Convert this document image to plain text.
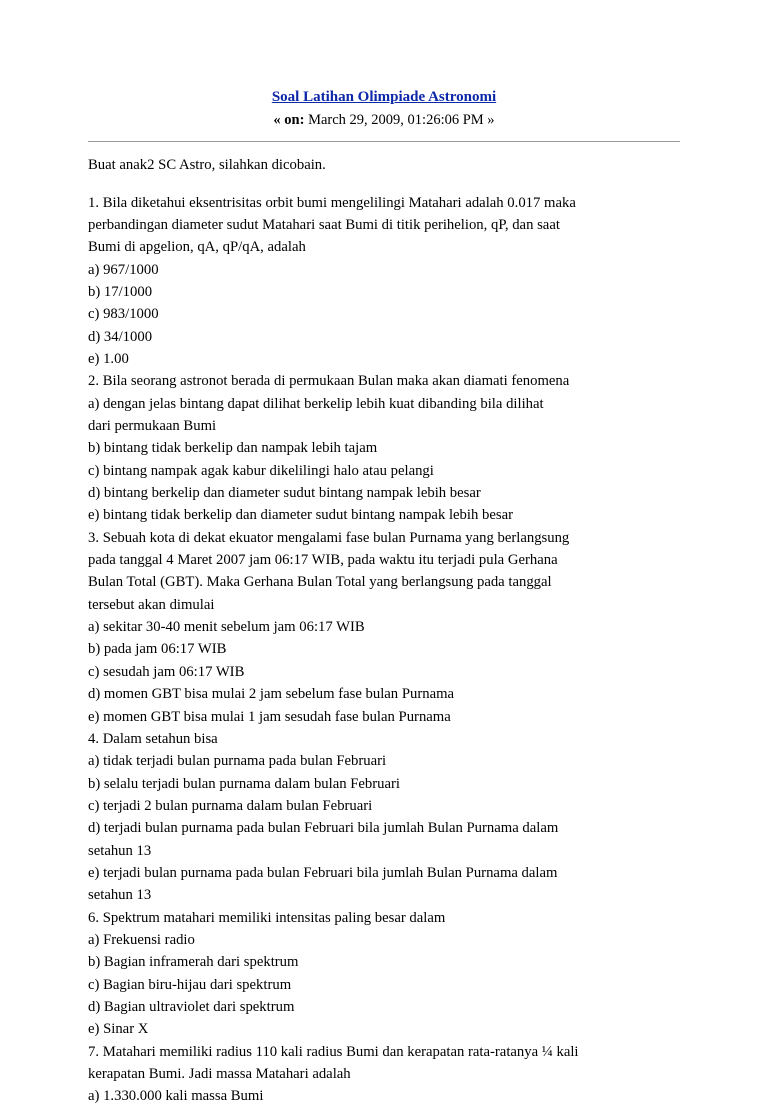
Soal Latihan Olimpiade Astronomi
« on: March 29, 2009, 01:26:06 PM »
Buat anak2 SC Astro, silahkan dicobain.
1. Bila diketahui eksentrisitas orbit bumi mengelilingi Matahari adalah 0.017 maka
perbandingan diameter sudut Matahari saat Bumi di titik perihelion, qP, dan saat
Bumi di apgelion, qA, qP/qA, adalah
a) 967/1000
b) 17/1000
c) 983/1000
d) 34/1000
e) 1.00
2. Bila seorang astronot berada di permukaan Bulan maka akan diamati fenomena
a) dengan jelas bintang dapat dilihat berkelip lebih kuat dibanding bila dilihat
dari permukaan Bumi
b) bintang tidak berkelip dan nampak lebih tajam
c) bintang nampak agak kabur dikelilingi halo atau pelangi
d) bintang berkelip dan diameter sudut bintang nampak lebih besar
e) bintang tidak berkelip dan diameter sudut bintang nampak lebih besar
3. Sebuah kota di dekat ekuator mengalami fase bulan Purnama yang berlangsung
pada tanggal 4 Maret 2007 jam 06:17 WIB, pada waktu itu terjadi pula Gerhana
Bulan Total (GBT). Maka Gerhana Bulan Total yang berlangsung pada tanggal
tersebut akan dimulai
a) sekitar 30-40 menit sebelum jam 06:17 WIB
b) pada jam 06:17 WIB
c) sesudah jam 06:17 WIB
d) momen GBT bisa mulai 2 jam sebelum fase bulan Purnama
e) momen GBT bisa mulai 1 jam sesudah fase bulan Purnama
4. Dalam setahun bisa
a) tidak terjadi bulan purnama pada bulan Februari
b) selalu terjadi bulan purnama dalam bulan Februari
c) terjadi 2 bulan purnama dalam bulan Februari
d) terjadi bulan purnama pada bulan Februari bila jumlah Bulan Purnama dalam
setahun 13
e) terjadi bulan purnama pada bulan Februari bila jumlah Bulan Purnama dalam
setahun 13
6. Spektrum matahari memiliki intensitas paling besar dalam
a) Frekuensi radio
b) Bagian inframerah dari spektrum
c) Bagian biru-hijau dari spektrum
d) Bagian ultraviolet dari spektrum
e) Sinar X
7. Matahari memiliki radius 110 kali radius Bumi dan kerapatan rata-ratanya ¼ kali
kerapatan Bumi. Jadi massa Matahari adalah
a) 1.330.000 kali massa Bumi
